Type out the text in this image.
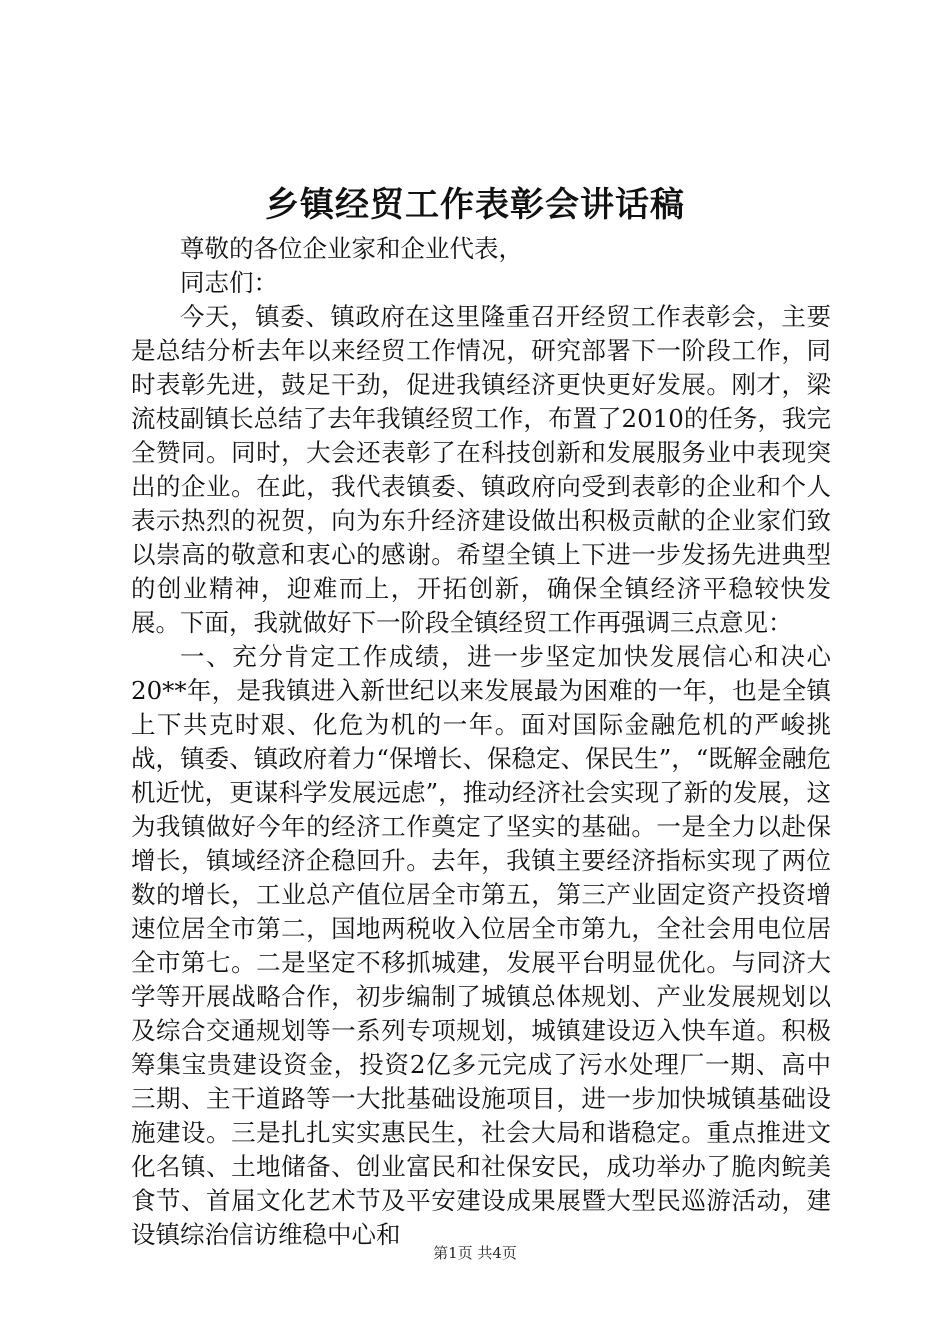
乡镇经贸工作表彰会讲话稿

尊敬的各位企业家和企业代表，

同志们：

今天，镇委、镇政府在这里隆重召开经贸工作表彰会，主要是总结分析去年以来经贸工作情况，研究部署下一阶段工作，同时表彰先进，鼓足干劲，促进我镇经济更快更好发展。刚才，梁流枝副镇长总结了去年我镇经贸工作，布置了2010的任务，我完全赞同。同时，大会还表彰了在科技创新和发展服务业中表现突出的企业。在此，我代表镇委、镇政府向受到表彰的企业和个人表示热烈的祝贺，向为东升经济建设做出积极贡献的企业家们致以崇高的敬意和衷心的感谢。希望全镇上下进一步发扬先进典型的创业精神，迎难而上，开拓创新，确保全镇经济平稳较快发展。下面，我就做好下一阶段全镇经贸工作再强调三点意见：

一、充分肯定工作成绩，进一步坚定加快发展信心和决心20**年，是我镇进入新世纪以来发展最为困难的一年，也是全镇上下共克时艰、化危为机的一年。面对国际金融危机的严峻挑战，镇委、镇政府着力“保增长、保稳定、保民生”，“既解金融危机近忧，更谋科学发展远虑”，推动经济社会实现了新的发展，这为我镇做好今年的经济工作奠定了坚实的基础。一是全力以赴保增长，镇域经济企稳回升。去年，我镇主要经济指标实现了两位数的增长，工业总产值位居全市第五，第三产业固定资产投资增速位居全市第二，国地两税收入位居全市第九，全社会用电位居全市第七。二是坚定不移抓城建，发展平台明显优化。与同济大学等开展战略合作，初步编制了城镇总体规划、产业发展规划以及综合交通规划等一系列专项规划，城镇建设迈入快车道。积极筹集宝贵建设资金，投资2亿多元完成了污水处理厂一期、高中三期、主干道路等一大批基础设施项目，进一步加快城镇基础设施建设。三是扎扎实实惠民生，社会大局和谐稳定。重点推进文化名镇、土地储备、创业富民和社保安民，成功举办了脆肉鲩美食节、首届文化艺术节及平安建设成果展暨大型民巡游活动，建设镇综治信访维稳中心和

第1页 共4页
